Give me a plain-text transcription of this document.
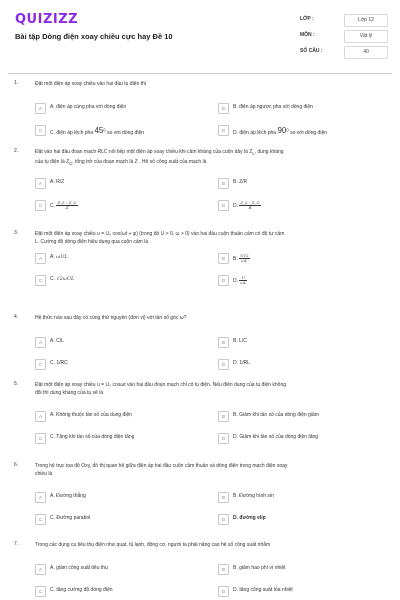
QUIZIZZ
Bài tập Dòng điện xoay chiều cực hay Đề 10
LỚP :	Lớp 12
MÔN :	Vật lý
SỐ CÂU :	40
1.	Đặt một điện áp xoay chiều vào hai đầu tụ điện thì
A	A. điện áp cùng pha với dòng điện	B	B. điện áp ngược pha với dòng điện
C	C. điện áp lệch pha $45^0$ so với dòng điện	D	D. điện áp lệch pha $90^0$ so với dòng điện
2.	Đặt vào hai đầu đoạn mạch RLC nối tiếp một điện áp xoay chiều khi cảm kháng của cuộn dây là $Z_L$, dung kháng
của tụ điện là $Z_C$, tổng trở của đoạn mạch là Z . Hệ số công suất của mạch là
A	A. R/Z	B	B. Z/R
C	C. $\frac{Z\_L - Z\_C}{Z}$	D	D. $\frac{Z\_L - Z\_C}{R}$
3.	Đặt một điện áp xoay chiều u = U₀ cos(ωt + φ) (trong đó U > 0, ω > 0) vào hai đầu cuộn thuần cảm có độ tự cảm
L. Cường độ dòng điện hiệu dụng qua cuộn cảm là
A	A. ωUL	B	B. $\frac{U√2}{\omega L}$
C	C. √2ωUL	D	D. $\frac{U}{\omega L}$
4.	Hệ thức nào sau đây có cùng thứ nguyên (đơn vị) với tần số góc ω?
A	A. C/L	B	B. L/C
C	C. 1/RC	D	D. 1/RL
5.	Đặt một điện áp xoay chiều u = U₀ cosωt vào hai đầu đoạn mạch chỉ có tụ điện. Nếu điện dung của tụ điện không
đổi thì dung kháng của tụ sẽ là
A	A. Không thuộc tần số của dung điện	B	B. Giảm khi tần số của dòng điện giảm
C	C. Tăng khi tần số của dòng điện tăng	D	D. Giảm khi tần số của dòng điện tăng
6.	Trong hệ trục tọa độ Oxy, đồ thị quan hệ giữa điện áp hai đầu cuộn cảm thuần và dòng điện trong mạch điện xoay
chiều là
A	A. Đường thẳng	B	B. Đường hình sin
C	C. Đường parabol	D	D. đường elip
7.	Trong các dụng cụ tiêu thụ điện như quạt, tủ lạnh, động cơ, người ta phải nâng cao hệ số công suất nhằm
A	A. giảm công suất tiêu thụ	B	B. giảm hao phí vì nhiệt
C	C. tăng cường độ dòng điện	D	D. tăng công suất tỏa nhiệt
